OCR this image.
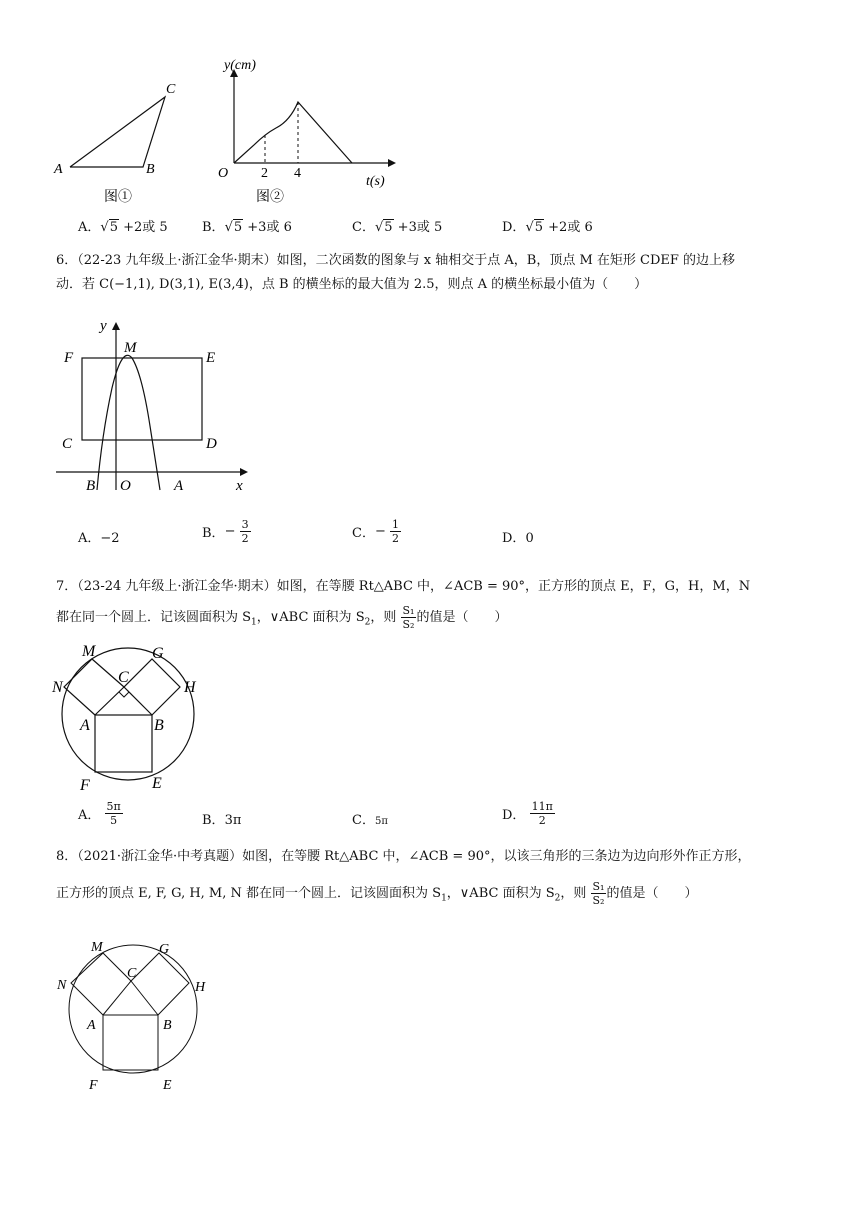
A	B
C
图①
y(cm)
O 2 4
t(s)
图②
A．√5 +2或 5	B．√5 +3或 6	C．√5 +3或 5	D．√5 +2或 6
6．（22-23 九年级上·浙江金华·期末）如图，二次函数的图象与 x 轴相交于点 A，B，顶点 M 在矩形 CDEF 的边上移
动．若 C(−1,1), D(3,1), E(3,4)，点 B 的横坐标的最大值为 2.5，则点 A 的横坐标最小值为（　　）
F
M
E
C	D
B O	A	x
y
A．−2	B．− $\frac{3}{2}$	C．− $\frac{1}{2}$	D．0
7．（23-24 九年级上·浙江金华·期末）如图，在等腰 Rt△ABC 中，∠ACB = 90°，正方形的顶点 E，F，G，H，M，N
都在同一个圆上．记该圆面积为 $S_1$，∨ABC 面积为 $S_2$，则 $\frac{\text{S₁}}{\text{S₂}}$ 的值是（　　）
M	G
C
N	H
A	B
F	E
A． $\frac{5\pi}{5}$	B．3π	C．5π	D． $\frac{11\pi}{2}$
8．（2021·浙江金华·中考真题）如图，在等腰 Rt△ABC 中，∠ACB = 90°，以该三角形的三条边为边向形外作正方形，
正方形的顶点 E, F, G, H, M, N 都在同一个圆上．记该圆面积为 $S_1$，∨ABC 面积为 $S_2$，则 $\frac{\text{S₁}}{\text{S₂}}$ 的值是（　　）
M	G
C
N	H
A	B
F	E
